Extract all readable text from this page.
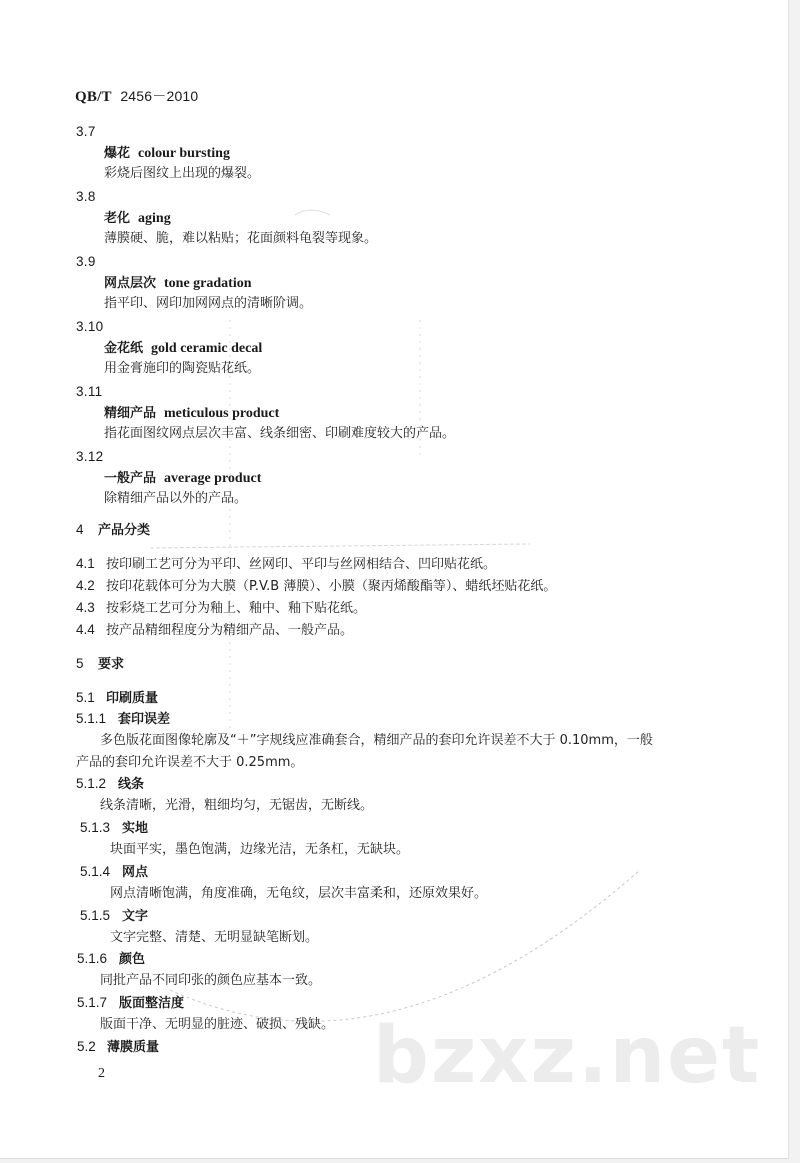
QB/T 2456－2010
3.7
爆花 colour bursting
彩烧后图纹上出现的爆裂。
3.8
老化 aging
薄膜硬、脆，难以粘贴；花面颜料龟裂等现象。
3.9
网点层次 tone gradation
指平印、网印加网网点的清晰阶调。
3.10
金花纸 gold ceramic decal
用金膏施印的陶瓷贴花纸。
3.11
精细产品 meticulous product
指花面图纹网点层次丰富、线条细密、印刷难度较大的产品。
3.12
一般产品 average product
除精细产品以外的产品。
4 产品分类
4.1 按印刷工艺可分为平印、丝网印、平印与丝网相结合、凹印贴花纸。
4.2 按印花载体可分为大膜（P.V.B 薄膜）、小膜（聚丙烯酸酯等）、蜡纸坯贴花纸。
4.3 按彩烧工艺可分为釉上、釉中、釉下贴花纸。
4.4 按产品精细程度分为精细产品、一般产品。
5 要求
5.1 印刷质量
5.1.1 套印误差
多色版花面图像轮廓及“＋”字规线应准确套合，精细产品的套印允许误差不大于 0.10mm，一般
产品的套印允许误差不大于 0.25mm。
5.1.2 线条
线条清晰，光滑，粗细均匀，无锯齿，无断线。
5.1.3 实地
块面平实，墨色饱满，边缘光洁，无条杠，无缺块。
5.1.4 网点
网点清晰饱满，角度准确，无龟纹，层次丰富柔和，还原效果好。
5.1.5 文字
文字完整、清楚、无明显缺笔断划。
5.1.6 颜色
同批产品不同印张的颜色应基本一致。
5.1.7 版面整洁度
版面干净、无明显的脏迹、破损、残缺。
5.2 薄膜质量	bzxz.net
2
